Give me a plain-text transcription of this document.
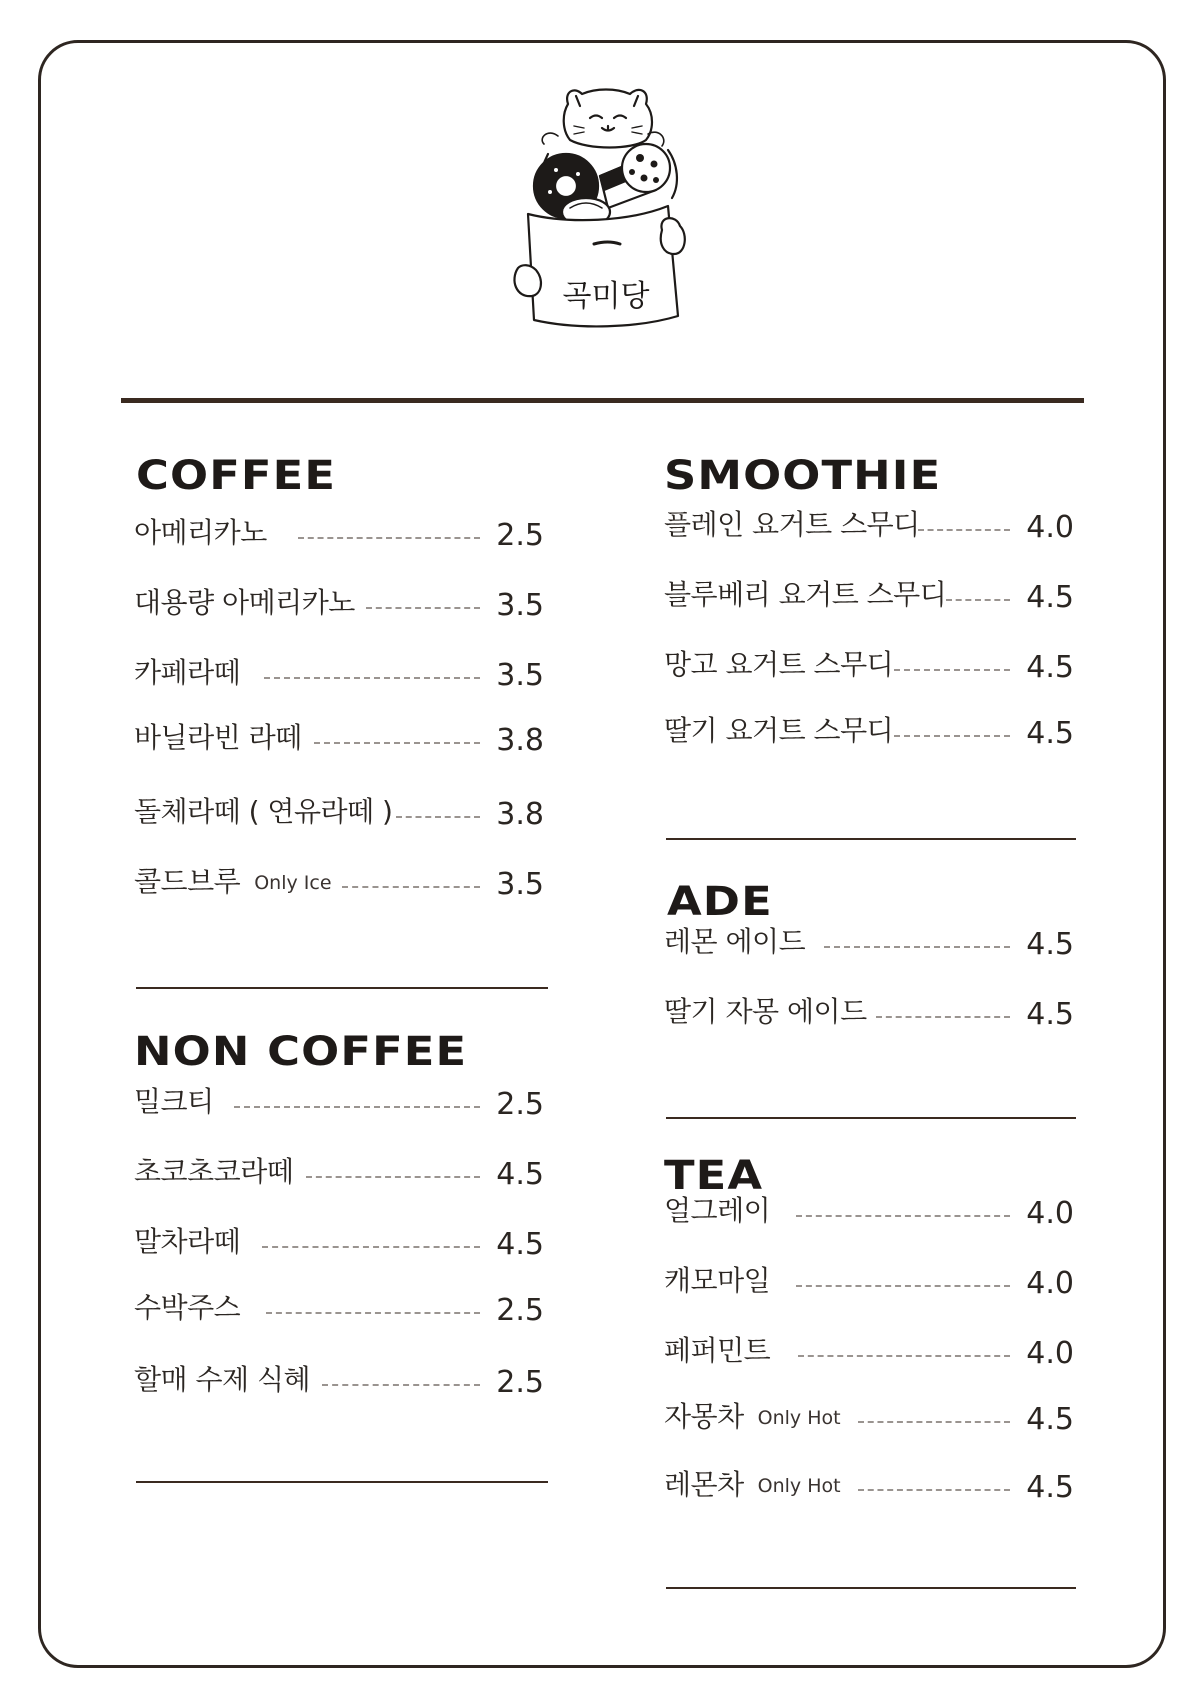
곡미당
COFFEE
NON COFFEE
SMOOTHIE
ADE
TEA
아메리카노	2.5
대용량 아메리카노	3.5
카페라떼	3.5
바닐라빈 라떼	3.8
돌체라떼 ( 연유라떼 )	3.8
콜드브루 Only Ice	3.5
밀크티	2.5
초코초코라떼	4.5
말차라떼	4.5
수박주스	2.5
할매 수제 식혜	2.5
플레인 요거트 스무디	4.0
블루베리 요거트 스무디	4.5
망고 요거트 스무디	4.5
딸기 요거트 스무디	4.5
레몬 에이드	4.5
딸기 자몽 에이드	4.5
얼그레이	4.0
캐모마일	4.0
페퍼민트	4.0
자몽차 Only Hot	4.5
레몬차 Only Hot	4.5
